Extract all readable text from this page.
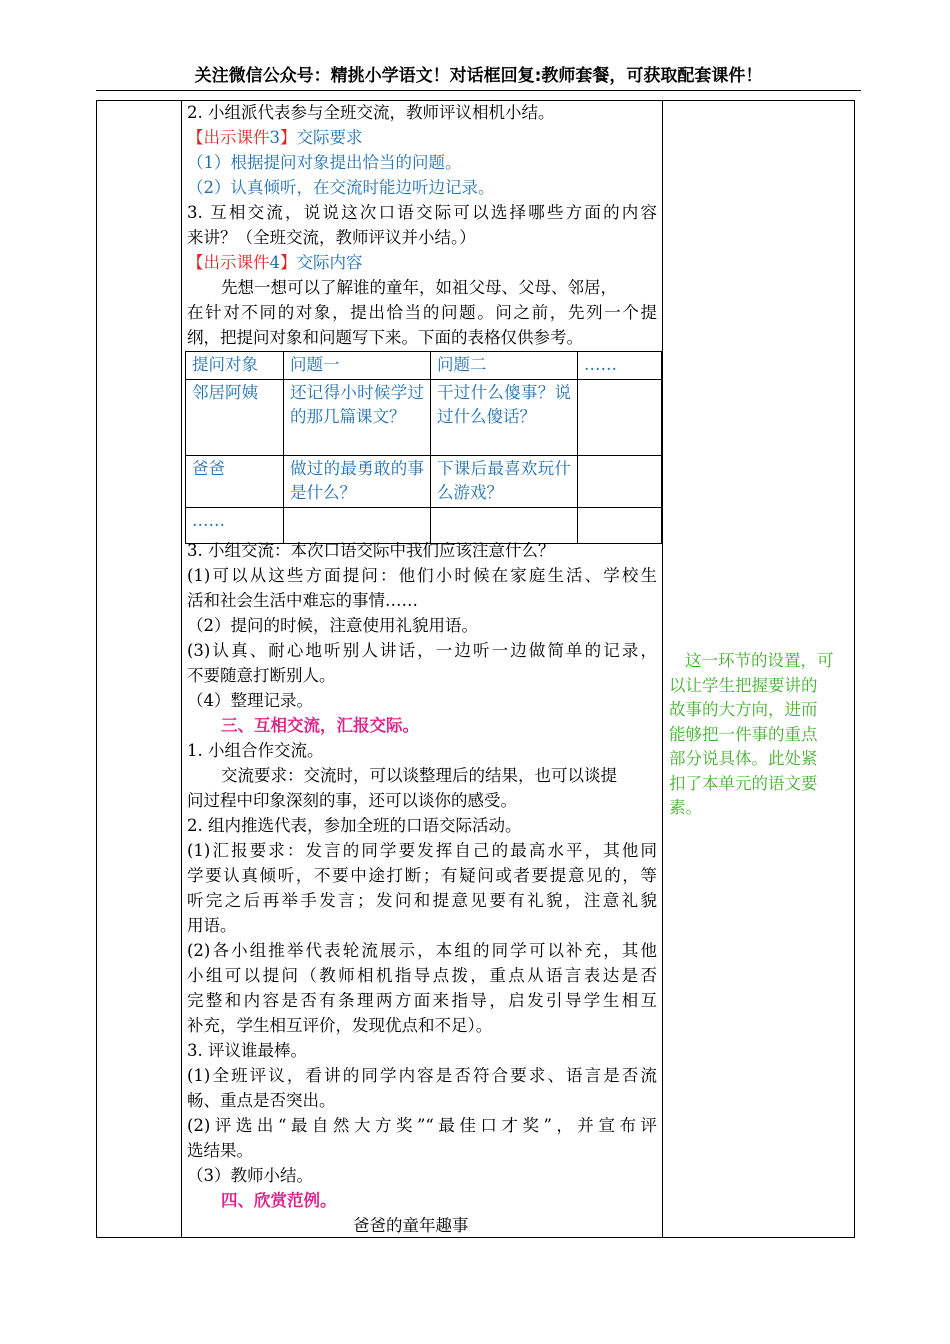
关注微信公众号：精挑小学语文！对话框回复:教师套餐，可获取配套课件！
2. 小组派代表参与全班交流，教师评议相机小结。
【出示课件3】交际要求
（1）根据提问对象提出恰当的问题。
（2）认真倾听，在交流时能边听边记录。
3. 互相交流，说说这次口语交际可以选择哪些方面的内容
来讲？（全班交流，教师评议并小结。）
【出示课件4】交际内容
先想一想可以了解谁的童年，如祖父母、父母、邻居，
在针对不同的对象，提出恰当的问题。问之前，先列一个提
纲，把提问对象和问题写下来。下面的表格仅供参考。
提问对象	问题一	问题二	……
邻居阿姨	还记得小时候学过的那几篇课文？	干过什么傻事？说过什么傻话？	
爸爸	做过的最勇敢的事是什么？	下课后最喜欢玩什么游戏？	
……			
3. 小组交流：本次口语交际中我们应该注意什么？
(1)可以从这些方面提问：他们小时候在家庭生活、学校生
活和社会生活中难忘的事情……
（2）提问的时候，注意使用礼貌用语。
(3)认真、耐心地听别人讲话，一边听一边做简单的记录，
不要随意打断别人。
（4）整理记录。
三、互相交流，汇报交际。
1. 小组合作交流。
交流要求：交流时，可以谈整理后的结果，也可以谈提
问过程中印象深刻的事，还可以谈你的感受。
2. 组内推选代表，参加全班的口语交际活动。
(1)汇报要求：发言的同学要发挥自己的最高水平，其他同
学要认真倾听，不要中途打断；有疑问或者要提意见的，等
听完之后再举手发言；发问和提意见要有礼貌，注意礼貌
用语。
(2)各小组推举代表轮流展示，本组的同学可以补充，其他
小组可以提问（教师相机指导点拨，重点从语言表达是否
完整和内容是否有条理两方面来指导，启发引导学生相互
补充，学生相互评价，发现优点和不足）。
3. 评议谁最棒。
(1)全班评议，看讲的同学内容是否符合要求、语言是否流
畅、重点是否突出。
(2)评选出“最自然大方奖”“最佳口才奖”，并宣布评
选结果。
（3）教师小结。
四、欣赏范例。
爸爸的童年趣事

这一环节的设置，可

以让学生把握要讲的

故事的大方向，进而

能够把一件事的重点

部分说具体。此处紧

扣了本单元的语文要

素。
